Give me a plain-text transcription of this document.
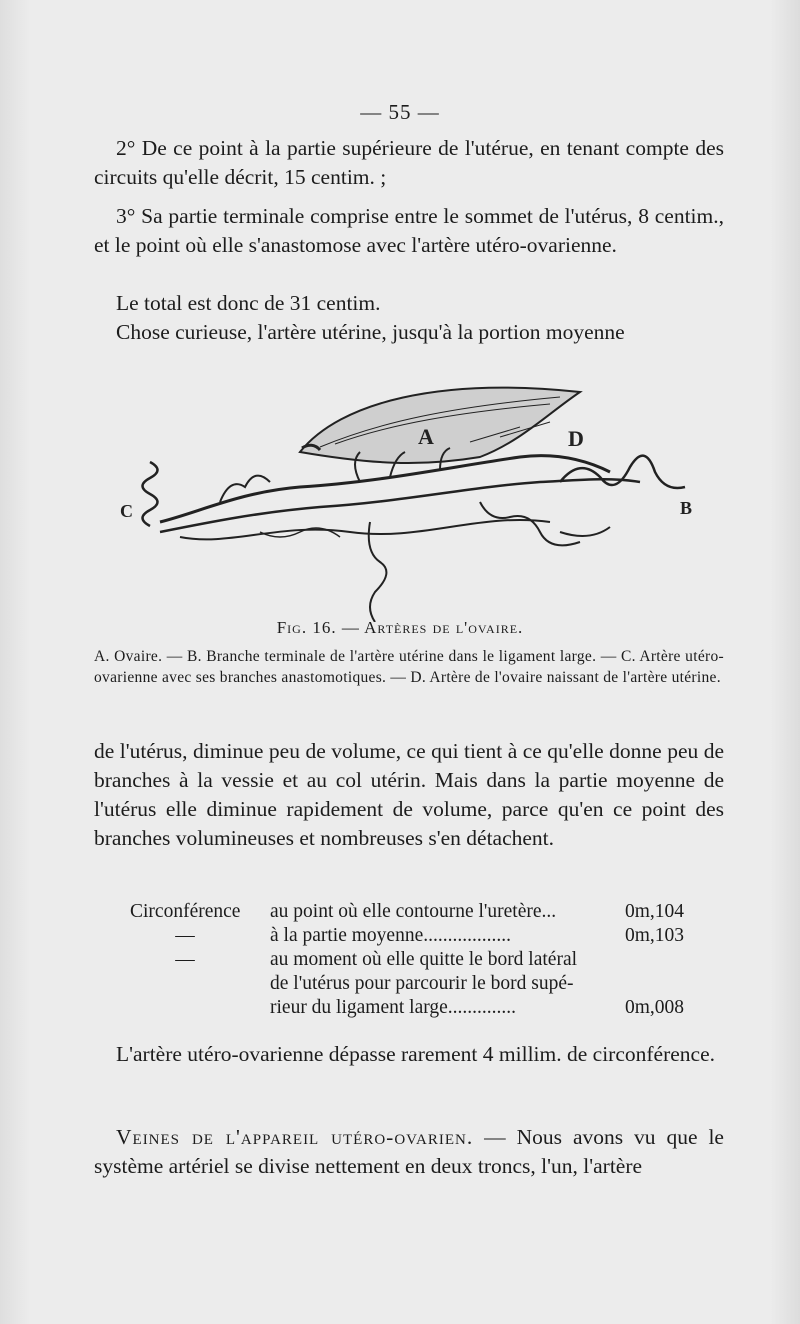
— 55 —

2° De ce point à la partie supérieure de l'utérue, en tenant compte des circuits qu'elle décrit, 15 centim. ;

3° Sa partie terminale comprise entre le sommet de l'utérus, 8 centim., et le point où elle s'anastomose avec l'artère utéro-ovarienne.

Le total est donc de 31 centim.

Chose curieuse, l'artère utérine, jusqu'à la portion moyenne

A	D
C	B
Fig. 16. — Artères de l'ovaire.
A. Ovaire. — B. Branche terminale de l'artère utérine dans le ligament large. — C. Artère utéro-ovarienne avec ses branches anastomotiques. — D. Artère de l'ovaire naissant de l'artère utérine.

de l'utérus, diminue peu de volume, ce qui tient à ce qu'elle donne peu de branches à la vessie et au col utérin. Mais dans la partie moyenne de l'utérus elle diminue rapidement de volume, parce qu'en ce point des branches volumineuses et nombreuses s'en détachent.

Circonférence	au point où elle contourne l'uretère...	0m,104
—	à la partie moyenne..................	0m,103
—	au moment où elle quitte le bord latéral
de l'utérus pour parcourir le bord supé-
rieur du ligament large..............	0m,008

L'artère utéro-ovarienne dépasse rarement 4 millim. de circonférence.

Veines de l'appareil utéro-ovarien. — Nous avons vu que le système artériel se divise nettement en deux troncs, l'un, l'artère
